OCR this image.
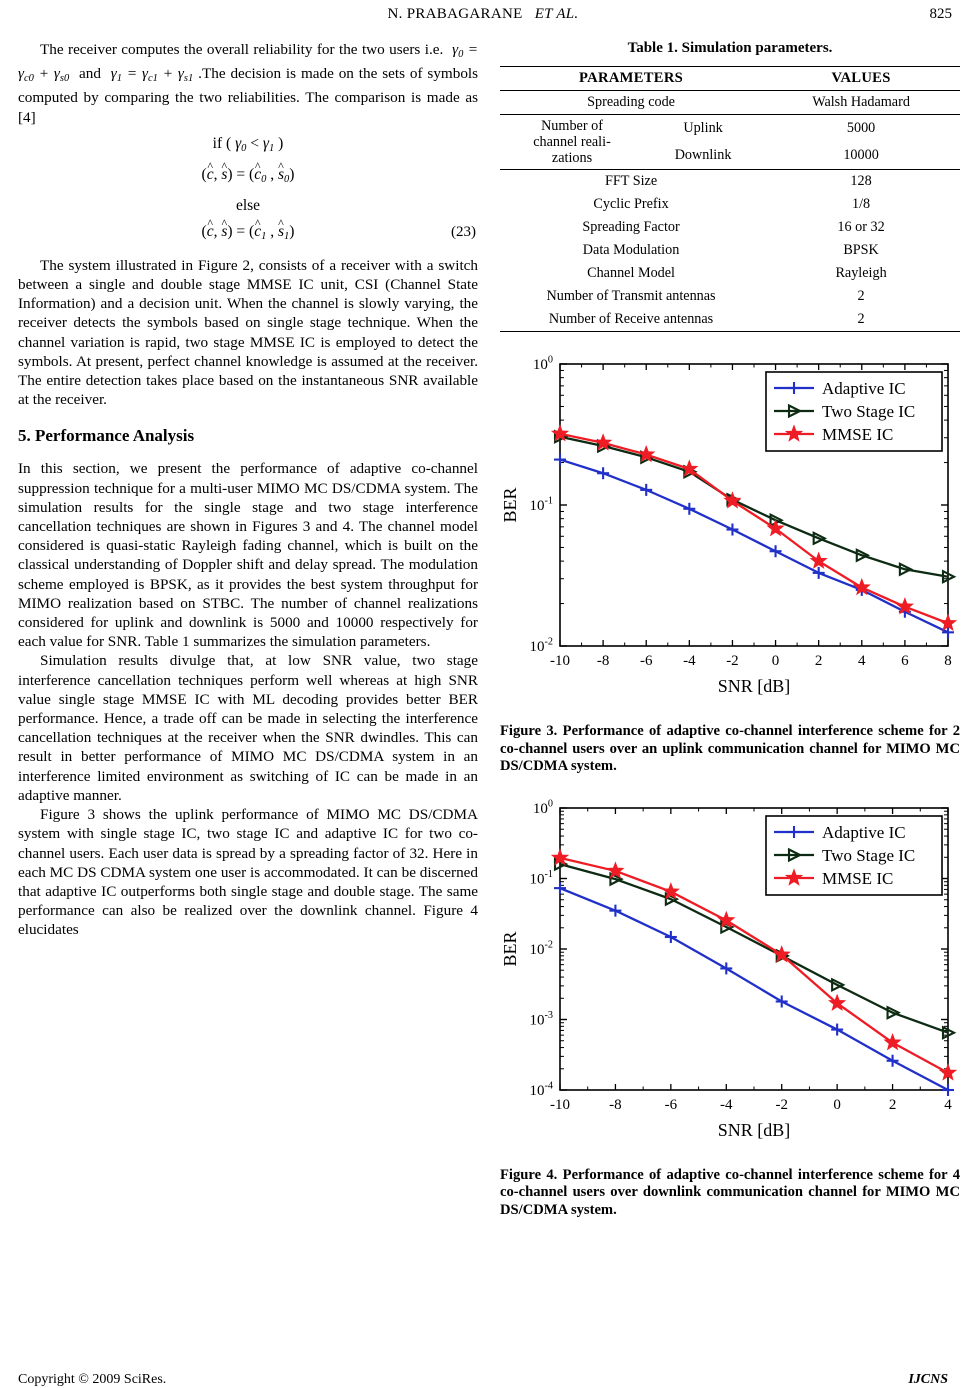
N. PRABAGARANE ET AL.	825

The receiver computes the overall reliability for the two users i.e.  $\gamma_0 = \gamma_{c0} + \gamma_{s0}$ and  $\gamma_1 = \gamma_{c1} + \gamma_{s1}$ .The decision is made on the sets of symbols computed by comparing the two reliabilities. The comparison is made as [4]

if ( $\gamma_0 < \gamma_1$ )
(c ^, s ^) = (c $\^{}_0$ , s $\^{}_0$)
else
(c ^, s ^) = (c $\^{}_1$ , s $\^{}_1$)	(23)

The system illustrated in Figure 2, consists of a receiver with a switch between a single and double stage MMSE IC unit, CSI (Channel State Information) and a decision unit. When the channel is slowly varying, the receiver detects the symbols based on single stage technique. When the channel variation is rapid, two stage MMSE IC is employed to detect the symbols. At present, perfect channel knowledge is assumed at the receiver. The entire detection takes place based on the instantaneous SNR available at the receiver.

5. Performance Analysis

In this section, we present the performance of adaptive co-channel suppression technique for a multi-user MIMO MC DS/CDMA system. The simulation results for the single stage and two stage interference cancellation techniques are shown in Figures 3 and 4. The channel model considered is quasi-static Rayleigh fading channel, which is built on the classical understanding of Doppler shift and delay spread. The modulation scheme employed is BPSK, as it provides the best system throughput for MIMO realization based on STBC. The number of channel realizations considered for uplink and downlink is 5000 and 10000 respectively for each value for SNR. Table 1 summarizes the simulation parameters.

Simulation results divulge that, at low SNR value, two stage interference cancellation techniques perform well whereas at high SNR value single stage MMSE IC with ML decoding provides better BER performance. Hence, a trade off can be made in selecting the interference cancellation techniques at the receiver when the SNR dwindles. This can result in better performance of MIMO MC DS/CDMA system in an interference limited environment as switching of IC can be made in an adaptive manner.

Figure 3 shows the uplink performance of MIMO MC DS/CDMA system with single stage IC, two stage IC and adaptive IC for two co-channel users. Each user data is spread by a spreading factor of 32. Here in each MC DS CDMA system one user is accommodated. It can be discerned that adaptive IC outperforms both single stage and double stage. The same performance can also be realized over the downlink channel. Figure 4 elucidates

Table 1. Simulation parameters.
PARAMETERS		VALUES
Spreading code		Walsh Hadamard
Number of
channel reali-
zations	Uplink	5000
	Downlink	10000
FFT Size		128
Cyclic Prefix		1/8
Spreading Factor		16 or 32
Data Modulation		BPSK
Channel Model		Rayleigh
Number of Transmit antennas		2
Number of Receive antennas		2
-10 -8 -6 -4 -2 0 2 4 6 8
$10^{-2}$
$10^{-1}$
$10^0$
SNR [dB]
BER
Adaptive IC
Two Stage IC
MMSE IC
Figure 3. Performance of adaptive co-channel interference scheme for 2 co-channel users over an uplink communication channel for MIMO MC DS/CDMA system.
-10	-8	-6	-4	-2	0	2	4
$10^{-4}$
$10^{-3}$
$10^{-2}$
$10^{-1}$
$10^0$
SNR [dB]
BER
Adaptive IC
Two Stage IC
MMSE IC
Figure 4. Performance of adaptive co-channel interference scheme for 4 co-channel users over downlink communication channel for MIMO MC DS/CDMA system.
Copyright © 2009 SciRes.	IJCNS
